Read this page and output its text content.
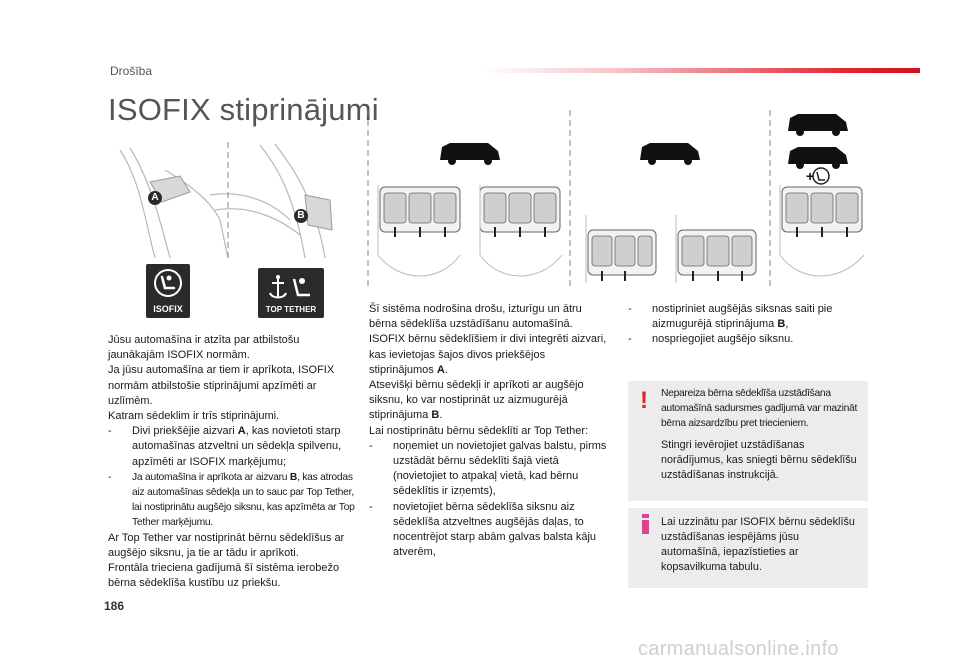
Drošība
ISOFIX stiprinājumi
A
B
ISOFIX	TOP TETHER
+

Jūsu automašīna ir atzīta par atbilstošu jaunākajām ISOFIX normām.

Ja jūsu automašīna ar tiem ir aprīkota, ISOFIX normām atbilstošie stiprinājumi apzīmēti ar uzlīmēm.

Katram sēdeklim ir trīs stiprinājumi.

- Divi priekšējie aizvari A, kas novietoti starp automašīnas atzveltni un sēdekļa spilvenu, apzīmēti ar ISOFIX marķējumu;
- Ja automašīna ir aprīkota ar aizvaru B, kas atrodas aiz automašīnas sēdekļa un to sauc par Top Tether, lai nostiprinātu augšējo siksnu, kas apzīmēta ar Top Tether marķējumu.

Ar Top Tether var nostiprināt bērnu sēdeklīšus ar augšējo siksnu, ja tie ar tādu ir aprīkoti.

Frontāla trieciena gadījumā šī sistēma ierobežo bērna sēdeklīša kustību uz priekšu.

Šī sistēma nodrošina drošu, izturīgu un ātru bērna sēdeklīša uzstādīšanu automašīnā.

ISOFIX bērnu sēdeklīšiem ir divi integrēti aizvari, kas ievietojas šajos divos priekšējos stiprinājumos A.

Atsevišķi bērnu sēdekļi ir aprīkoti ar augšējo siksnu, ko var nostiprināt uz aizmugurējā stiprinājuma B.

Lai nostiprinātu bērnu sēdeklīti ar Top Tether:

- noņemiet un novietojiet galvas balstu, pirms uzstādāt bērnu sēdeklīti šajā vietā (novietojiet to atpakaļ vietā, kad bērnu sēdeklītis ir izņemts),
- novietojiet bērna sēdeklīša siksnu aiz sēdeklīša atzveltnes augšējās daļas, to nocentrējot starp abām galvas balsta kāju atverēm,
- nostipriniet augšējās siksnas saiti pie aizmugurējā stiprinājuma B,
- nospriegojiet augšējo siksnu.
! Nepareiza bērna sēdeklīša uzstādīšana automašīnā sadursmes gadījumā var mazināt bērna aizsardzību pret triecieniem.
Stingri ievērojiet uzstādīšanas norādījumus, kas sniegti bērnu sēdeklīšu uzstādīšanas instrukcijā.
Lai uzzinātu par ISOFIX bērnu sēdeklīšu uzstādīšanas iespējāms jūsu automašīnā, iepazīstieties ar kopsavilkuma tabulu.
186
carmanualsonline.info
